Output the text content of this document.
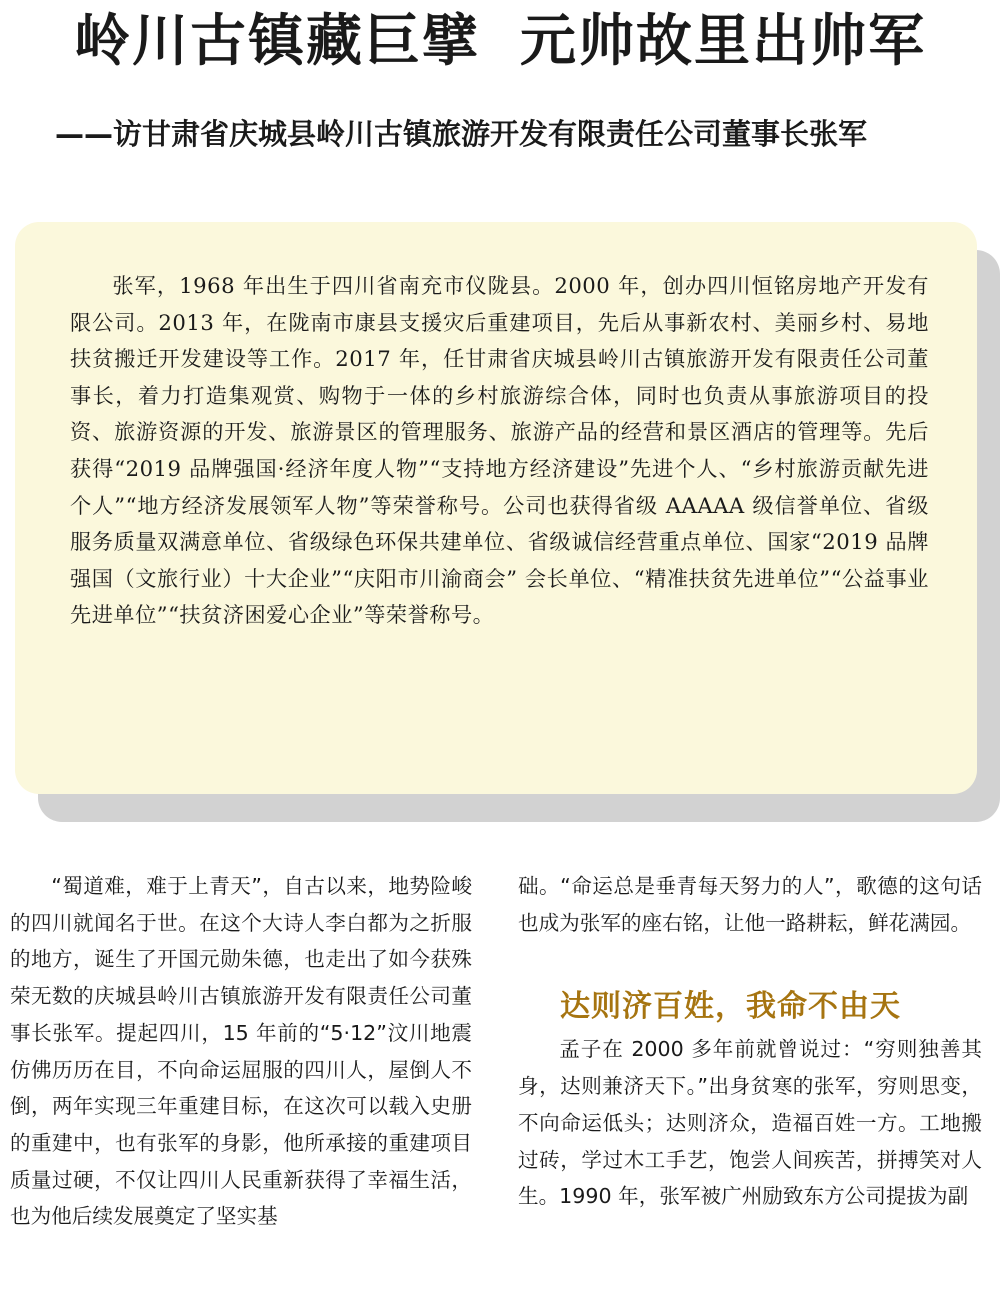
岭川古镇藏巨擘 元帅故里出帅军
——访甘肃省庆城县岭川古镇旅游开发有限责任公司董事长张军

张军，1968 年出生于四川省南充市仪陇县。2000 年，创办四川恒铭房地产开发有限公司。2013 年，在陇南市康县支援灾后重建项目，先后从事新农村、美丽乡村、易地扶贫搬迁开发建设等工作。2017 年，任甘肃省庆城县岭川古镇旅游开发有限责任公司董事长，着力打造集观赏、购物于一体的乡村旅游综合体，同时也负责从事旅游项目的投资、旅游资源的开发、旅游景区的管理服务、旅游产品的经营和景区酒店的管理等。先后获得“2019 品牌强国·经济年度人物”“支持地方经济建设”先进个人、“乡村旅游贡献先进个人”“地方经济发展领军人物”等荣誉称号。公司也获得省级 AAAAA 级信誉单位、省级服务质量双满意单位、省级绿色环保共建单位、省级诚信经营重点单位、国家“2019 品牌强国（文旅行业）十大企业”“庆阳市川渝商会” 会长单位、“精准扶贫先进单位”“公益事业先进单位”“扶贫济困爱心企业”等荣誉称号。

“蜀道难，难于上青天”，自古以来，地势险峻的四川就闻名于世。在这个大诗人李白都为之折服的地方，诞生了开国元勋朱德，也走出了如今获殊荣无数的庆城县岭川古镇旅游开发有限责任公司董事长张军。提起四川，15 年前的“5·12”汶川地震仿佛历历在目，不向命运屈服的四川人，屋倒人不倒，两年实现三年重建目标，在这次可以载入史册的重建中，也有张军的身影，他所承接的重建项目质量过硬，不仅让四川人民重新获得了幸福生活，也为他后续发展奠定了坚实基

础。“命运总是垂青每天努力的人”，歌德的这句话也成为张军的座右铭，让他一路耕耘，鲜花满园。

达则济百姓，我命不由天

孟子在 2000 多年前就曾说过：“穷则独善其身，达则兼济天下。”出身贫寒的张军，穷则思变，不向命运低头；达则济众，造福百姓一方。工地搬过砖，学过木工手艺，饱尝人间疾苦，拼搏笑对人生。1990 年，张军被广州励致东方公司提拔为副
